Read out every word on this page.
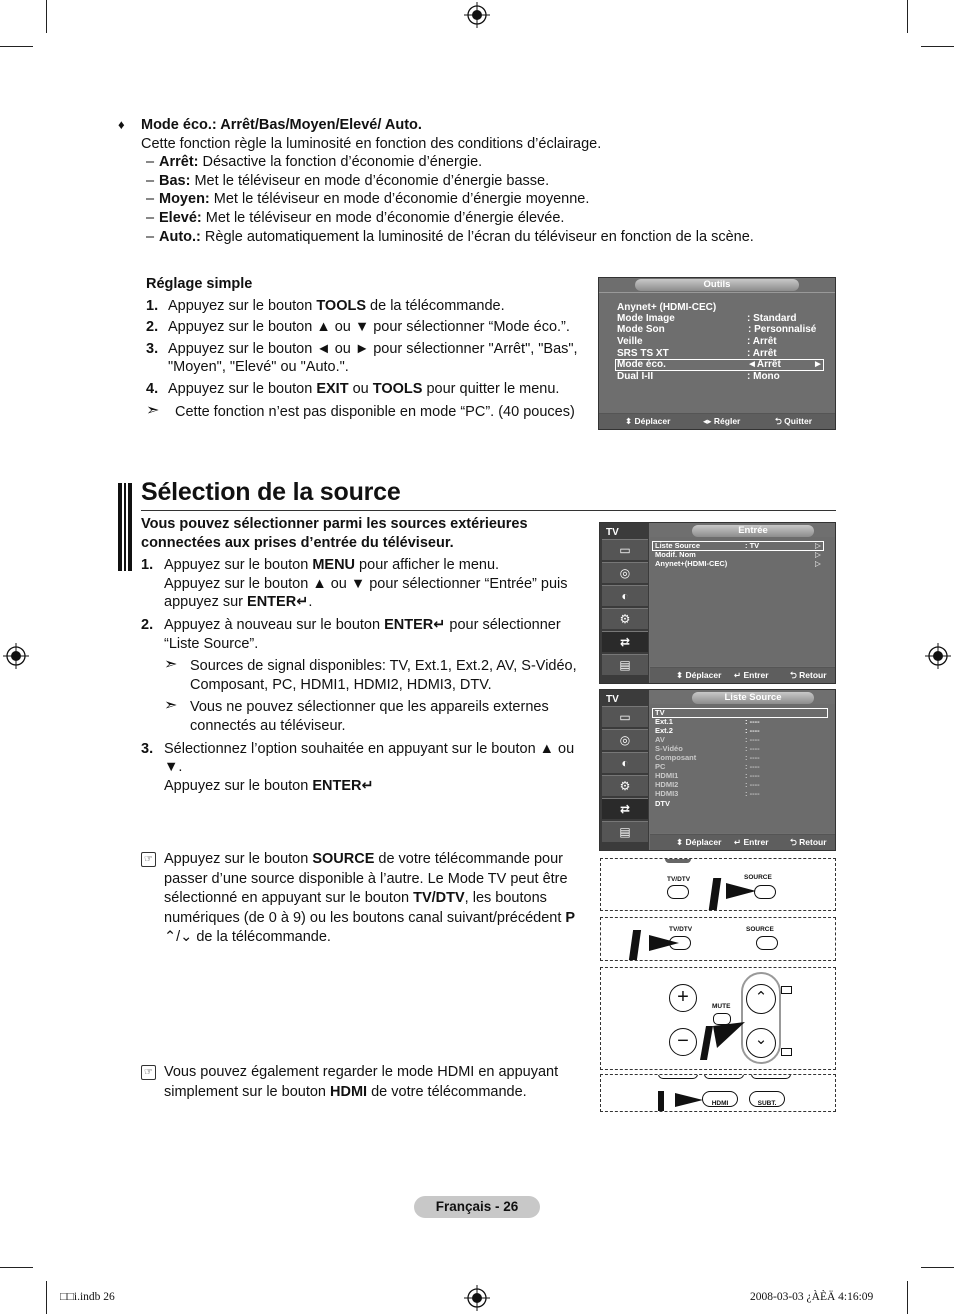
♦	Mode éco.: Arrêt/Bas/Moyen/Elevé/ Auto.
Cette fonction règle la luminosité en fonction des conditions d’éclairage.
– Arrêt: Désactive la fonction d’économie d’énergie.
– Bas: Met le téléviseur en mode d’économie d’énergie basse.
– Moyen: Met le téléviseur en mode d’économie d’énergie moyenne.
– Elevé: Met le téléviseur en mode d’économie d’énergie élevée.
– Auto.: Règle automatiquement la luminosité de l’écran du téléviseur en fonction de la scène.
Réglage simple
1. Appuyez sur le bouton TOOLS de la télécommande.
2. Appuyez sur le bouton ▲ ou ▼ pour sélectionner “Mode éco.”.
3. Appuyez sur le bouton ◄ ou ► pour sélectionner "Arrêt", "Bas", "Moyen", "Elevé" ou "Auto.".
4. Appuyez sur le bouton EXIT ou TOOLS pour quitter le menu.
➣ Cette fonction n’est pas disponible en mode “PC”. (40 pouces)
Outils
Anynet+ (HDMI-CEC)
Mode Image	: Standard
Mode Son	: Personnalisé
Veille	: Arrêt
SRS TS XT	: Arrêt
Mode éco.	◄Arrêt	►
Dual I-II	: Mono
⬍ Déplacer	◂▸ Régler	⮌ Quitter
Sélection de la source
Vous pouvez sélectionner parmi les sources extérieures connectées aux prises d’entrée du téléviseur.
1. Appuyez sur le bouton MENU pour afficher le menu.
Appuyez sur le bouton ▲ ou ▼ pour sélectionner “Entrée” puis appuyez sur ENTER↵.
2. Appuyez à nouveau sur le bouton ENTER↵ pour sélectionner “Liste Source”.
➣ Sources de signal disponibles: TV, Ext.1, Ext.2, AV, S-Vidéo, Composant, PC, HDMI1, HDMI2, HDMI3, DTV.
➣ Vous ne pouvez sélectionner que les appareils externes connectés au téléviseur.
3. Sélectionnez l’option souhaitée en appuyant sur le bouton ▲ ou ▼.
Appuyez sur le bouton ENTER↵
☞ Appuyez sur le bouton SOURCE de votre télécommande pour passer d’une source disponible à l’autre. Le Mode TV peut être sélectionné en appuyant sur le bouton TV/DTV, les boutons numériques (de 0 à 9) ou les boutons canal suivant/précédent P ⌃/⌄ de la télécommande.
☞ Vous pouvez également regarder le mode HDMI en appuyant simplement sur le bouton HDMI de votre télécommande.
TV
▭
◎
◐
⚙
⇄
▤
Entrée
Liste Source	: TV	▷
Modif. Nom	▷
Anynet+(HDMI-CEC)	▷
⬍ Déplacer ↵ Entrer	⮌ Retour
TV
▭
◎
◐
⚙
⇄
▤
Liste Source
TV
Ext.1	: ----
Ext.2	: ----
AV	: ----
S-Vidéo	: ----
Composant	: ----
PC	: ----
HDMI1	: ----
HDMI2	: ----
HDMI3	: ----
DTV
⬍ Déplacer ↵ Entrer	⮌ Retour
TV/DTV	SOURCE
TV/DTV	SOURCE
+
−
MUTE
⌃
⌄
HDMI	SUBT.
Français - 26
□□i.indb 26	2008-03-03 ¿ÀÈÄ 4:16:09
